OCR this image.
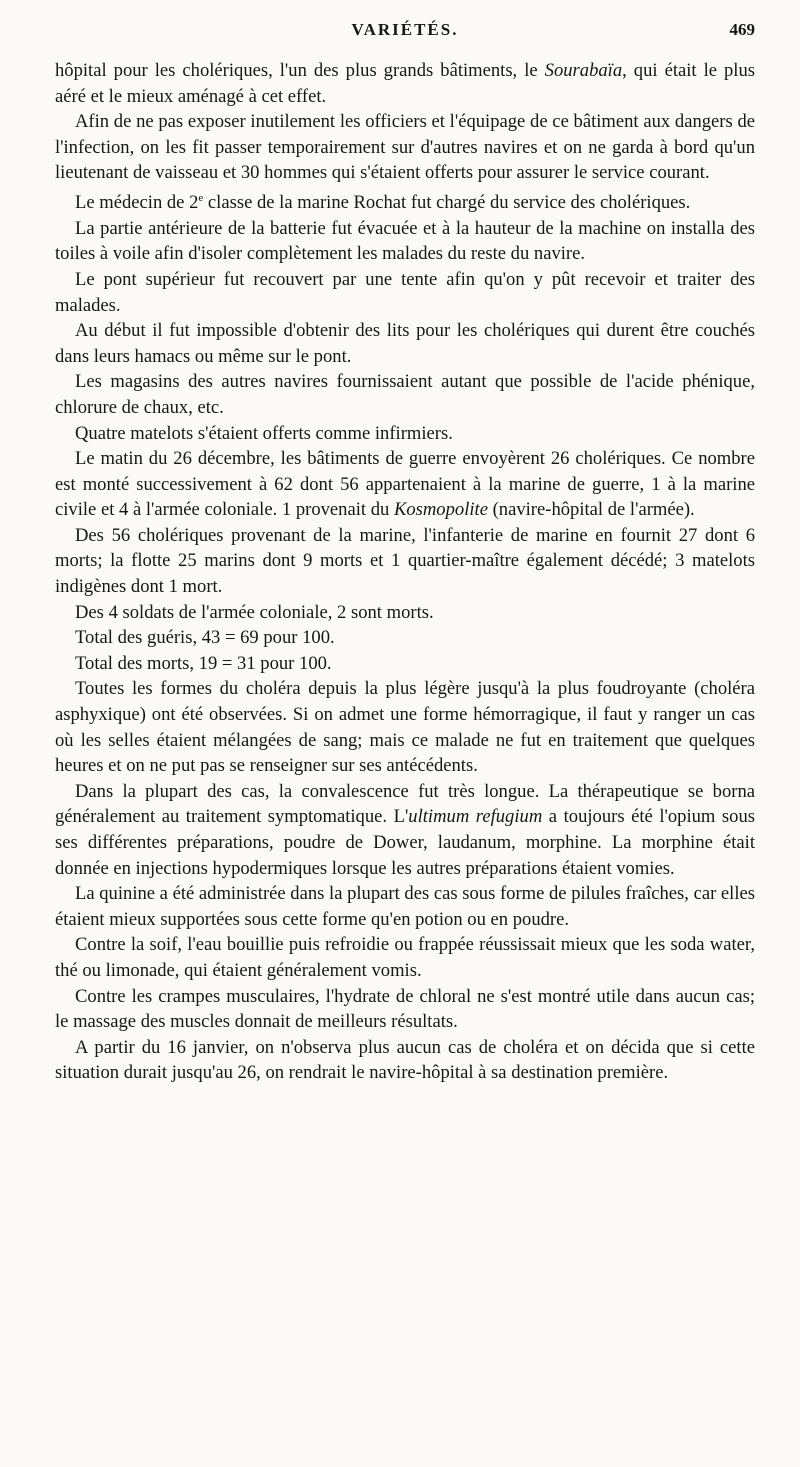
VARIÉTÉS.	469

hôpital pour les cholériques, l'un des plus grands bâtiments, le Sourabaïa, qui était le plus aéré et le mieux aménagé à cet effet.

Afin de ne pas exposer inutilement les officiers et l'équipage de ce bâtiment aux dangers de l'infection, on les fit passer temporairement sur d'autres navires et on ne garda à bord qu'un lieutenant de vaisseau et 30 hommes qui s'étaient offerts pour assurer le service courant.

Le médecin de 2e classe de la marine Rochat fut chargé du service des cholériques.

La partie antérieure de la batterie fut évacuée et à la hauteur de la machine on installa des toiles à voile afin d'isoler complètement les malades du reste du navire.

Le pont supérieur fut recouvert par une tente afin qu'on y pût recevoir et traiter des malades.

Au début il fut impossible d'obtenir des lits pour les cholériques qui durent être couchés dans leurs hamacs ou même sur le pont.

Les magasins des autres navires fournissaient autant que possible de l'acide phénique, chlorure de chaux, etc.

Quatre matelots s'étaient offerts comme infirmiers.

Le matin du 26 décembre, les bâtiments de guerre envoyèrent 26 cholériques. Ce nombre est monté successivement à 62 dont 56 appartenaient à la marine de guerre, 1 à la marine civile et 4 à l'armée coloniale. 1 provenait du Kosmopolite (navire-hôpital de l'armée).

Des 56 cholériques provenant de la marine, l'infanterie de marine en fournit 27 dont 6 morts; la flotte 25 marins dont 9 morts et 1 quartier-maître également décédé; 3 matelots indigènes dont 1 mort.

Des 4 soldats de l'armée coloniale, 2 sont morts.

Total des guéris, 43 = 69 pour 100.

Total des morts, 19 = 31 pour 100.

Toutes les formes du choléra depuis la plus légère jusqu'à la plus foudroyante (choléra asphyxique) ont été observées. Si on admet une forme hémorragique, il faut y ranger un cas où les selles étaient mélangées de sang; mais ce malade ne fut en traitement que quelques heures et on ne put pas se renseigner sur ses antécédents.

Dans la plupart des cas, la convalescence fut très longue. La thérapeutique se borna généralement au traitement symptomatique. L'ultimum refugium a toujours été l'opium sous ses différentes préparations, poudre de Dower, laudanum, morphine. La morphine était donnée en injections hypodermiques lorsque les autres préparations étaient vomies.

La quinine a été administrée dans la plupart des cas sous forme de pilules fraîches, car elles étaient mieux supportées sous cette forme qu'en potion ou en poudre.

Contre la soif, l'eau bouillie puis refroidie ou frappée réussissait mieux que les soda water, thé ou limonade, qui étaient généralement vomis.

Contre les crampes musculaires, l'hydrate de chloral ne s'est montré utile dans aucun cas; le massage des muscles donnait de meilleurs résultats.

A partir du 16 janvier, on n'observa plus aucun cas de choléra et on décida que si cette situation durait jusqu'au 26, on rendrait le navire-hôpital à sa destination première.
